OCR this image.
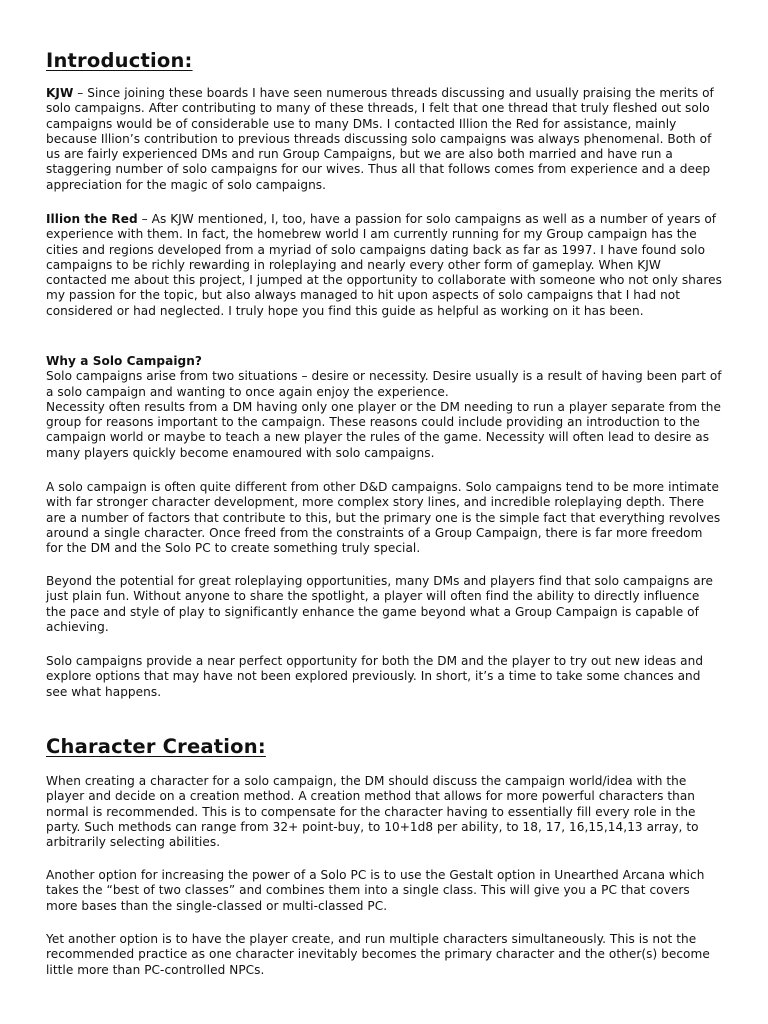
Introduction:

KJW – Since joining these boards I have seen numerous threads discussing and usually praising the merits of solo campaigns. After contributing to many of these threads, I felt that one thread that truly fleshed out solo campaigns would be of considerable use to many DMs. I contacted Illion the Red for assistance, mainly because Illion’s contribution to previous threads discussing solo campaigns was always phenomenal. Both of us are fairly experienced DMs and run Group Campaigns, but we are also both married and have run a staggering number of solo campaigns for our wives. Thus all that follows comes from experience and a deep appreciation for the magic of solo campaigns.

Illion the Red – As KJW mentioned, I, too, have a passion for solo campaigns as well as a number of years of experience with them. In fact, the homebrew world I am currently running for my Group campaign has the cities and regions developed from a myriad of solo campaigns dating back as far as 1997. I have found solo campaigns to be richly rewarding in roleplaying and nearly every other form of gameplay. When KJW contacted me about this project, I jumped at the opportunity to collaborate with someone who not only shares my passion for the topic, but also always managed to hit upon aspects of solo campaigns that I had not considered or had neglected. I truly hope you find this guide as helpful as working on it has been.

Why a Solo Campaign?

Solo campaigns arise from two situations – desire or necessity. Desire usually is a result of having been part of a solo campaign and wanting to once again enjoy the experience.

Necessity often results from a DM having only one player or the DM needing to run a player separate from the group for reasons important to the campaign. These reasons could include providing an introduction to the campaign world or maybe to teach a new player the rules of the game. Necessity will often lead to desire as many players quickly become enamoured with solo campaigns.

A solo campaign is often quite different from other D&D campaigns. Solo campaigns tend to be more intimate with far stronger character development, more complex story lines, and incredible roleplaying depth. There are a number of factors that contribute to this, but the primary one is the simple fact that everything revolves around a single character. Once freed from the constraints of a Group Campaign, there is far more freedom for the DM and the Solo PC to create something truly special.

Beyond the potential for great roleplaying opportunities, many DMs and players find that solo campaigns are just plain fun. Without anyone to share the spotlight, a player will often find the ability to directly influence the pace and style of play to significantly enhance the game beyond what a Group Campaign is capable of achieving.

Solo campaigns provide a near perfect opportunity for both the DM and the player to try out new ideas and explore options that may have not been explored previously. In short, it’s a time to take some chances and see what happens.

Character Creation:

When creating a character for a solo campaign, the DM should discuss the campaign world/idea with the player and decide on a creation method. A creation method that allows for more powerful characters than normal is recommended. This is to compensate for the character having to essentially fill every role in the party. Such methods can range from 32+ point-buy, to 10+1d8 per ability, to 18, 17, 16,15,14,13 array, to arbitrarily selecting abilities.

Another option for increasing the power of a Solo PC is to use the Gestalt option in Unearthed Arcana which takes the “best of two classes” and combines them into a single class. This will give you a PC that covers more bases than the single-classed or multi-classed PC.

Yet another option is to have the player create, and run multiple characters simultaneously. This is not the recommended practice as one character inevitably becomes the primary character and the other(s) become little more than PC-controlled NPCs.
